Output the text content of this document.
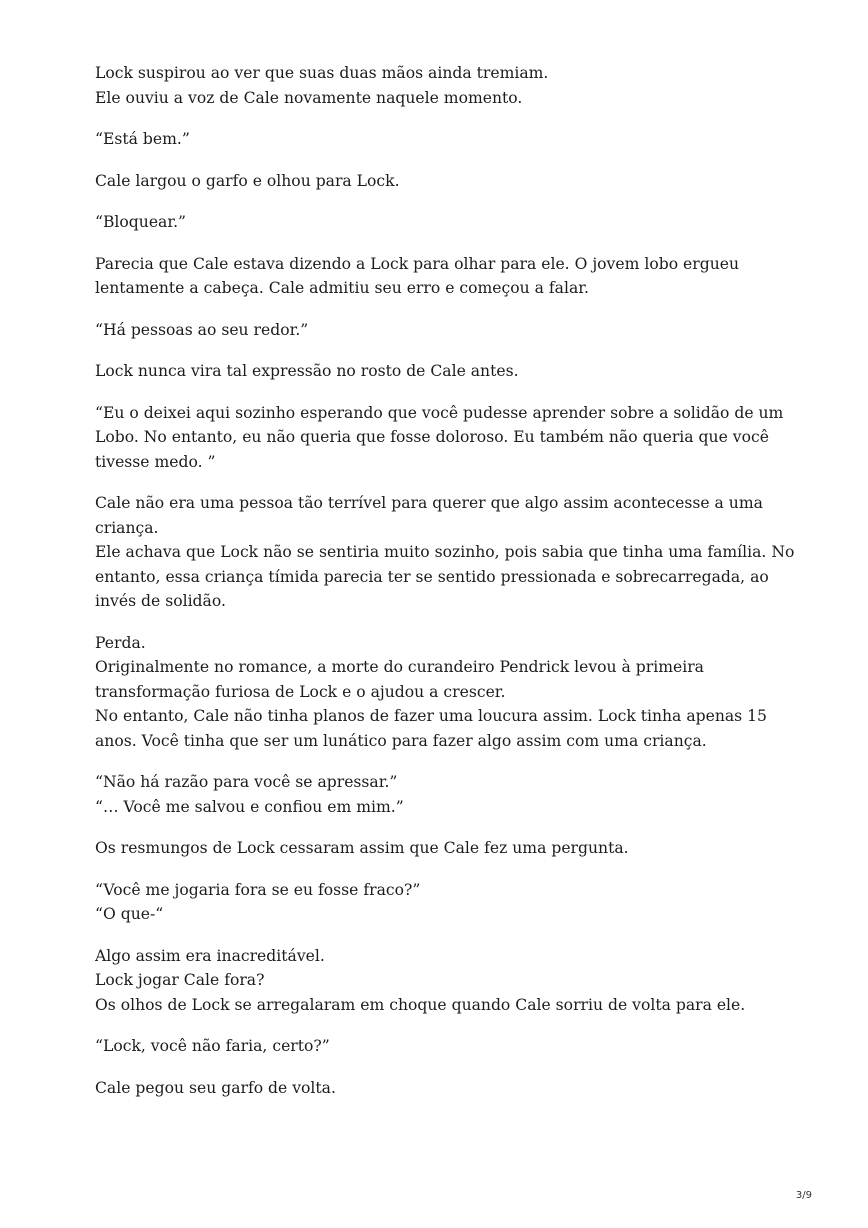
Lock suspirou ao ver que suas duas mãos ainda tremiam.
Ele ouviu a voz de Cale novamente naquele momento.

“Está bem.”

Cale largou o garfo e olhou para Lock.

“Bloquear.”

Parecia que Cale estava dizendo a Lock para olhar para ele. O jovem lobo ergueu
lentamente a cabeça. Cale admitiu seu erro e começou a falar.

“Há pessoas ao seu redor.”

Lock nunca vira tal expressão no rosto de Cale antes.

“Eu o deixei aqui sozinho esperando que você pudesse aprender sobre a solidão de um
Lobo. No entanto, eu não queria que fosse doloroso. Eu também não queria que você
tivesse medo. ”

Cale não era uma pessoa tão terrível para querer que algo assim acontecesse a uma
criança.
Ele achava que Lock não se sentiria muito sozinho, pois sabia que tinha uma família. No
entanto, essa criança tímida parecia ter se sentido pressionada e sobrecarregada, ao
invés de solidão.

Perda.
Originalmente no romance, a morte do curandeiro Pendrick levou à primeira
transformação furiosa de Lock e o ajudou a crescer.
No entanto, Cale não tinha planos de fazer uma loucura assim. Lock tinha apenas 15
anos. Você tinha que ser um lunático para fazer algo assim com uma criança.

“Não há razão para você se apressar.”
“… Você me salvou e confiou em mim.”

Os resmungos de Lock cessaram assim que Cale fez uma pergunta.

“Você me jogaria fora se eu fosse fraco?”
“O que-“

Algo assim era inacreditável.
Lock jogar Cale fora?
Os olhos de Lock se arregalaram em choque quando Cale sorriu de volta para ele.

“Lock, você não faria, certo?”

Cale pegou seu garfo de volta.

3/9
